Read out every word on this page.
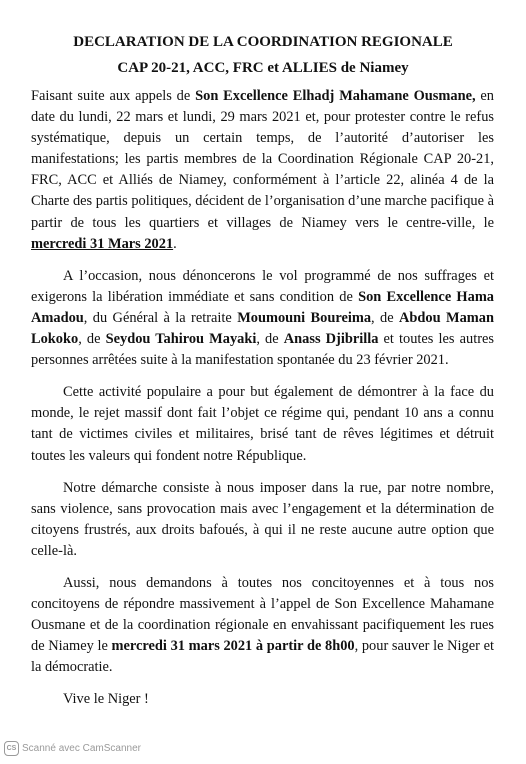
DECLARATION DE LA COORDINATION REGIONALE

CAP 20-21, ACC, FRC et ALLIES de Niamey

Faisant suite aux appels de Son Excellence Elhadj Mahamane Ousmane, en date du lundi, 22 mars et lundi, 29 mars 2021 et, pour protester contre le refus systématique, depuis un certain temps, de l’autorité d’autoriser les manifestations; les partis membres de la Coordination Régionale CAP 20-21, FRC, ACC et Alliés de Niamey, conformément à l’article 22, alinéa 4 de la Charte des partis politiques, décident de l’organisation d’une marche pacifique à partir de tous les quartiers et villages de Niamey vers le centre-ville, le mercredi 31 Mars 2021.

A l’occasion, nous dénoncerons le vol programmé de nos suffrages et exigerons la libération immédiate et sans condition de Son Excellence Hama Amadou, du Général à la retraite Moumouni Boureima, de Abdou Maman Lokoko, de Seydou Tahirou Mayaki, de Anass Djibrilla et toutes les autres personnes arrêtées suite à la manifestation spontanée du 23 février 2021.

Cette activité populaire a pour but également de démontrer à la face du monde, le rejet massif dont fait l’objet ce régime qui, pendant 10 ans a connu tant de victimes civiles et militaires, brisé tant de rêves légitimes et détruit toutes les valeurs qui fondent notre République.

Notre démarche consiste à nous imposer dans la rue, par notre nombre, sans violence, sans provocation mais avec l’engagement et la détermination de citoyens frustrés, aux droits bafoués, à qui il ne reste aucune autre option que celle-là.

Aussi, nous demandons à toutes nos concitoyennes et à tous nos concitoyens de répondre massivement à l’appel de Son Excellence Mahamane Ousmane et de la coordination régionale en envahissant pacifiquement les rues de Niamey le mercredi 31 mars 2021 à partir de 8h00, pour sauver le Niger et la démocratie.

Vive le Niger !

CS Scanné avec CamScanner
